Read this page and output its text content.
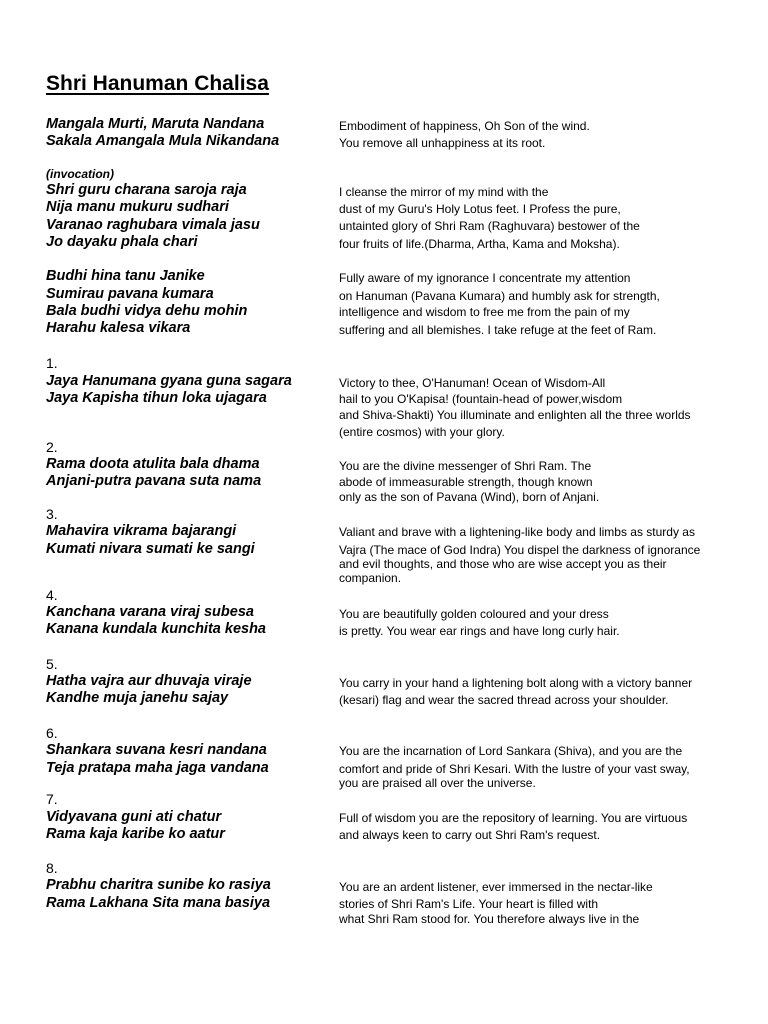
Shri Hanuman Chalisa
Mangala Murti, Maruta Nandana
Sakala Amangala Mula Nikandana
Embodiment of happiness, Oh Son of the wind.
You remove all unhappiness at its root.
(invocation)
Shri guru charana saroja raja
Nija manu mukuru sudhari
Varanao raghubara vimala jasu
Jo dayaku phala chari
I cleanse the mirror of my mind with the
dust of my Guru's Holy Lotus feet. I Profess the pure,
untainted glory of Shri Ram (Raghuvara) bestower of the
four fruits of life.(Dharma, Artha, Kama and Moksha).
Budhi hina tanu Janike
Sumirau pavana kumara
Bala budhi vidya dehu mohin
Harahu kalesa vikara
Fully aware of my ignorance I concentrate my attention
on Hanuman (Pavana Kumara) and humbly ask for strength,
intelligence and wisdom to free me from the pain of my
suffering and all blemishes. I take refuge at the feet of Ram.
1.
Jaya Hanumana gyana guna sagara
Jaya Kapisha tihun loka ujagara
Victory to thee, O'Hanuman! Ocean of Wisdom-All
hail to you O'Kapisa! (fountain-head of power,wisdom
and Shiva-Shakti) You illuminate and enlighten all the three worlds
(entire cosmos) with your glory.
2.
Rama doota atulita bala dhama
Anjani-putra pavana suta nama
You are the divine messenger of Shri Ram. The
abode of immeasurable strength, though known
only as the son of Pavana (Wind), born of Anjani.
3.
Mahavira vikrama bajarangi
Kumati nivara sumati ke sangi
Valiant and brave with a lightening-like body and limbs as sturdy as
Vajra (The mace of God Indra) You dispel the darkness of ignorance
and evil thoughts, and those who are wise accept you as their
companion.
4.
Kanchana varana viraj subesa
Kanana kundala kunchita kesha
You are beautifully golden coloured and your dress
is pretty. You wear ear rings and have long curly hair.
5.
Hatha vajra aur dhuvaja viraje
Kandhe muja janehu sajay
You carry in your hand a lightening bolt along with a victory banner
(kesari) flag and wear the sacred thread across your shoulder.
6.
Shankara suvana kesri nandana
Teja pratapa maha jaga vandana
You are the incarnation of Lord Sankara (Shiva), and you are the
comfort and pride of Shri Kesari. With the lustre of your vast sway,
you are praised all over the universe.
7.
Vidyavana guni ati chatur
Rama kaja karibe ko aatur
Full of wisdom you are the repository of learning. You are virtuous
and always keen to carry out Shri Ram's request.
8.
Prabhu charitra sunibe ko rasiya
Rama Lakhana Sita mana basiya
You are an ardent listener, ever immersed in the nectar-like
stories of Shri Ram's Life. Your heart is filled with
what Shri Ram stood for. You therefore always live in the
